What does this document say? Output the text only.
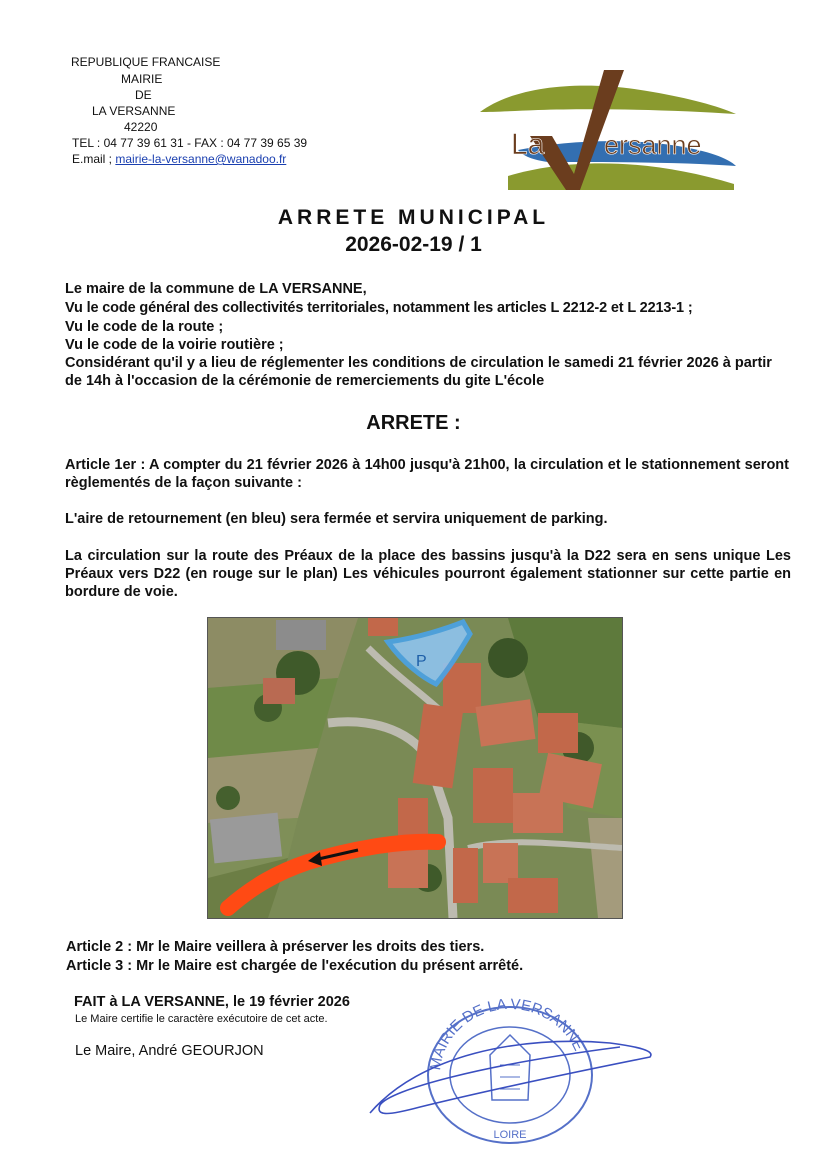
REPUBLIQUE FRANCAISE
MAIRIE
DE
LA VERSANNE
42220
TEL : 04 77 39 61 31 - FAX : 04 77 39 65 39
E.mail ; mairie-la-versanne@wanadoo.fr	La ersanne
ARRETE MUNICIPAL
2026-02-19 / 1
Le maire de la commune de LA VERSANNE,
Vu le code général des collectivités territoriales, notamment les articles L 2212-2 et L 2213-1 ;
Vu le code de la route ;
Vu le code de la voirie routière ;
Considérant qu'il y a lieu de réglementer les conditions de circulation le samedi 21 février 2026 à partir de 14h à l'occasion de la cérémonie de remerciements du gite L'école
ARRETE :
Article 1er : A compter du 21 février 2026 à 14h00 jusqu'à 21h00, la circulation et le stationnement seront règlementés de la façon suivante :
L'aire de retournement (en bleu) sera fermée et servira uniquement de parking.
La circulation sur la route des Préaux de la place des bassins jusqu'à la D22 sera en sens unique Les Préaux vers D22 (en rouge sur le plan) Les véhicules pourront également stationner sur cette partie en bordure de voie.
P
Article 2 : Mr le Maire veillera à préserver les droits des tiers.
Article 3 : Mr le Maire est chargée de l'exécution du présent arrêté.
FAIT à LA VERSANNE, le 19 février 2026
Le Maire certifie le caractère exécutoire de cet acte.
Le Maire, André GEOURJON
MAIRIE DE LA VERSANNE
LOIRE
